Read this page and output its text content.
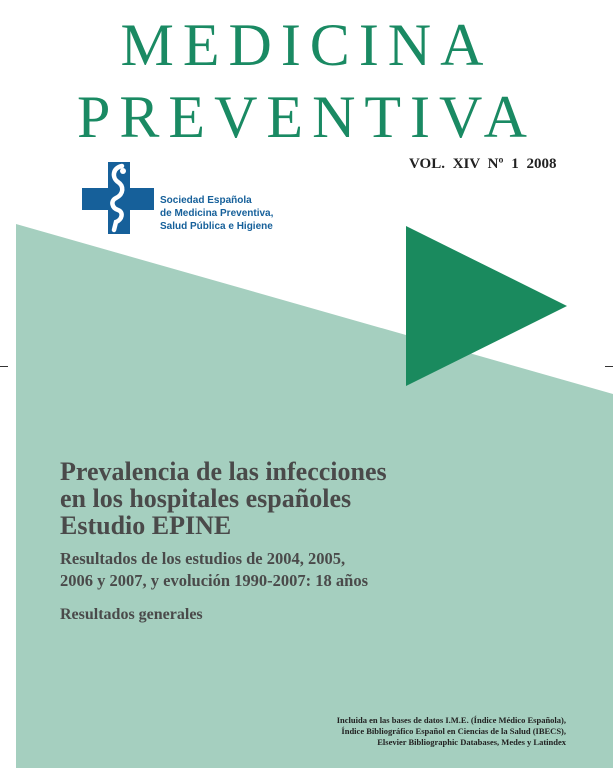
MEDICINA
PREVENTIVA
VOL. XIV Nº 1 2008
Sociedad Española
de Medicina Preventiva,
Salud Pública e Higiene
Prevalencia de las infecciones
en los hospitales españoles
Estudio EPINE
Resultados de los estudios de 2004, 2005,
2006 y 2007, y evolución 1990-2007: 18 años
Resultados generales
Incluida en las bases de datos I.M.E. (Índice Médico Española),
Índice Bibliográfico Español en Ciencias de la Salud (IBECS),
Elsevier Bibliographic Databases, Medes y Latindex
